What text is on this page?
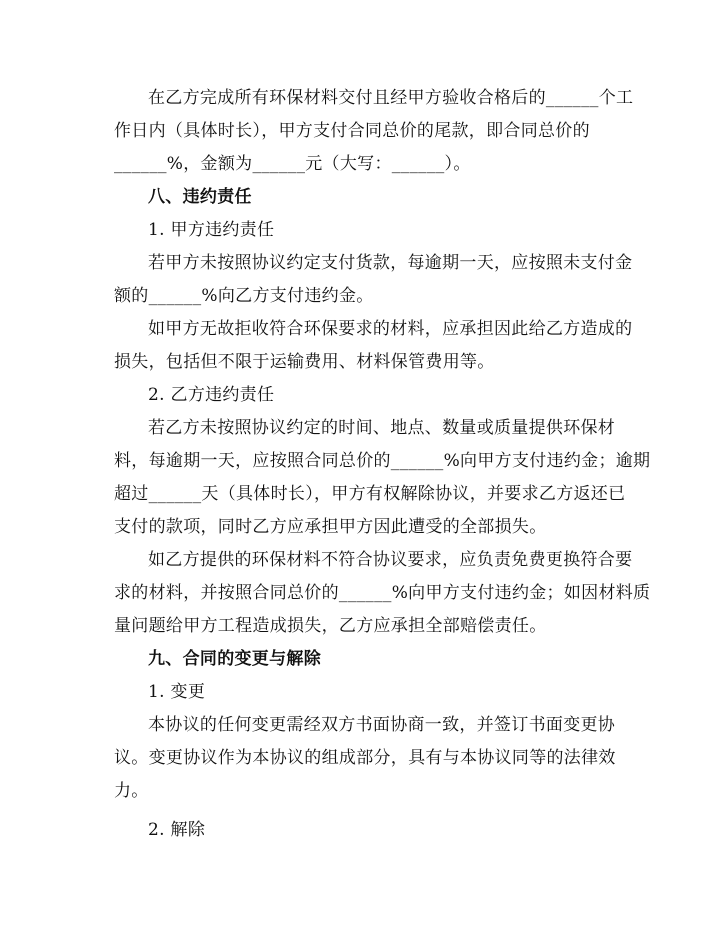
在乙方完成所有环保材料交付且经甲方验收合格后的______个工
作日内（具体时长），甲方支付合同总价的尾款，即合同总价的
______%，金额为______元（大写：______）。
八、违约责任
1. 甲方违约责任
若甲方未按照协议约定支付货款，每逾期一天，应按照未支付金
额的______%向乙方支付违约金。
如甲方无故拒收符合环保要求的材料，应承担因此给乙方造成的
损失，包括但不限于运输费用、材料保管费用等。
2. 乙方违约责任
若乙方未按照协议约定的时间、地点、数量或质量提供环保材
料，每逾期一天，应按照合同总价的______%向甲方支付违约金；逾期
超过______天（具体时长），甲方有权解除协议，并要求乙方返还已
支付的款项，同时乙方应承担甲方因此遭受的全部损失。
如乙方提供的环保材料不符合协议要求，应负责免费更换符合要
求的材料，并按照合同总价的______%向甲方支付违约金；如因材料质
量问题给甲方工程造成损失，乙方应承担全部赔偿责任。
九、合同的变更与解除
1. 变更
本协议的任何变更需经双方书面协商一致，并签订书面变更协
议。变更协议作为本协议的组成部分，具有与本协议同等的法律效
力。
2. 解除
